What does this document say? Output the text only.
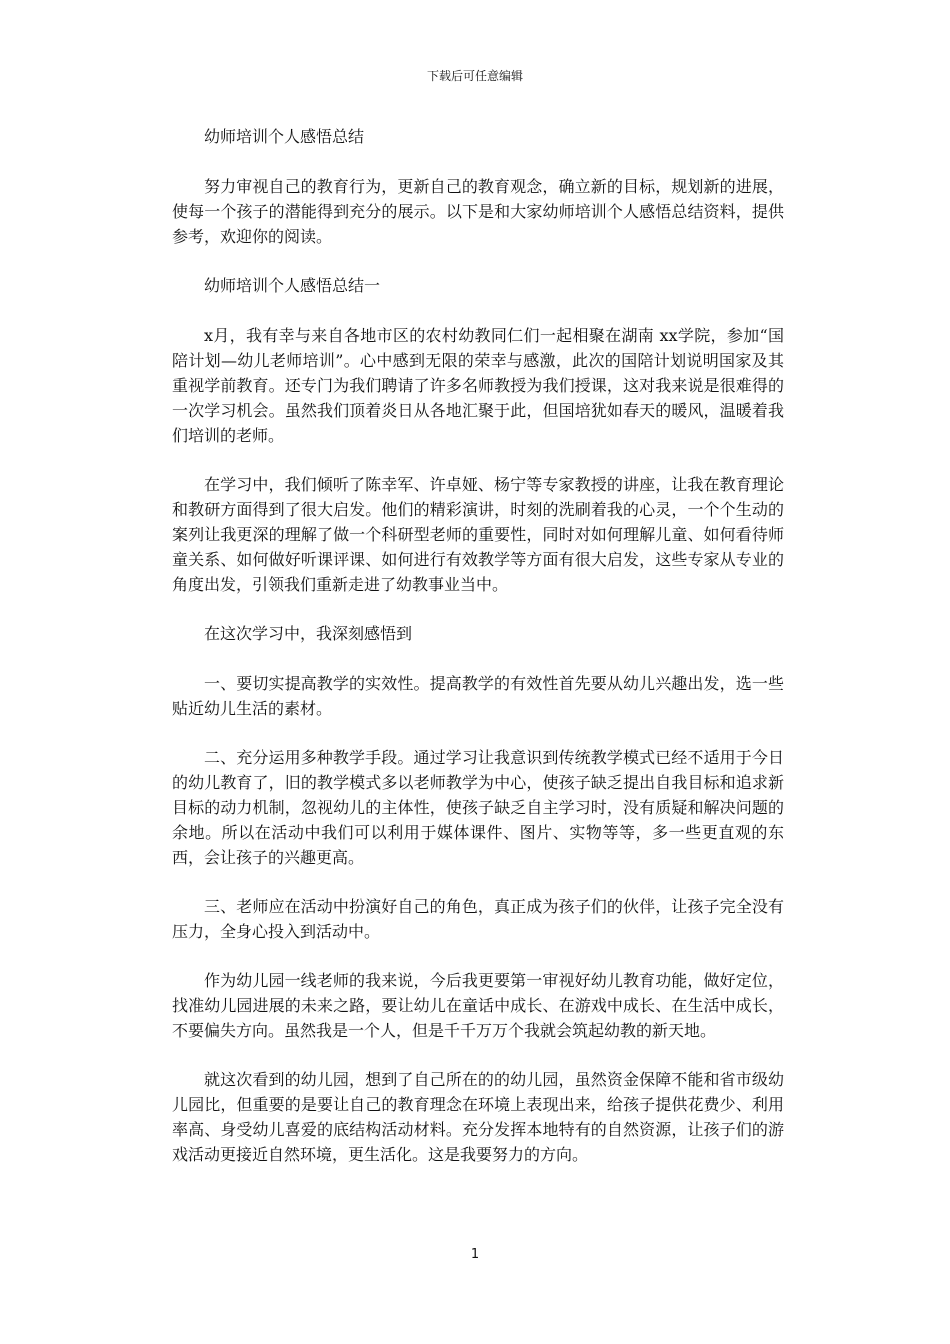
下载后可任意编辑

幼师培训个人感悟总结

努力审视自己的教育行为，更新自己的教育观念，确立新的目标，规划新的进展，使每一个孩子的潜能得到充分的展示。以下是和大家幼师培训个人感悟总结资料，提供参考，欢迎你的阅读。

幼师培训个人感悟总结一

x月，我有幸与来自各地市区的农村幼教同仁们一起相聚在湖南 xx学院，参加“国陪计划—幼儿老师培训”。心中感到无限的荣幸与感激，此次的国陪计划说明国家及其重视学前教育。还专门为我们聘请了许多名师教授为我们授课，这对我来说是很难得的一次学习机会。虽然我们顶着炎日从各地汇聚于此，但国培犹如春天的暖风，温暖着我们培训的老师。

在学习中，我们倾听了陈幸军、许卓娅、杨宁等专家教授的讲座，让我在教育理论和教研方面得到了很大启发。他们的精彩演讲，时刻的洗刷着我的心灵，一个个生动的案列让我更深的理解了做一个科研型老师的重要性，同时对如何理解儿童、如何看待师童关系、如何做好听课评课、如何进行有效教学等方面有很大启发，这些专家从专业的角度出发，引领我们重新走进了幼教事业当中。

在这次学习中，我深刻感悟到

一、要切实提高教学的实效性。提高教学的有效性首先要从幼儿兴趣出发，选一些贴近幼儿生活的素材。

二、充分运用多种教学手段。通过学习让我意识到传统教学模式已经不适用于今日的幼儿教育了，旧的教学模式多以老师教学为中心，使孩子缺乏提出自我目标和追求新目标的动力机制，忽视幼儿的主体性，使孩子缺乏自主学习时，没有质疑和解决问题的余地。所以在活动中我们可以利用于媒体课件、图片、实物等等，多一些更直观的东西，会让孩子的兴趣更高。

三、老师应在活动中扮演好自己的角色，真正成为孩子们的伙伴，让孩子完全没有压力，全身心投入到活动中。

作为幼儿园一线老师的我来说，今后我更要第一审视好幼儿教育功能，做好定位，找准幼儿园进展的未来之路，要让幼儿在童话中成长、在游戏中成长、在生活中成长，不要偏失方向。虽然我是一个人，但是千千万万个我就会筑起幼教的新天地。

就这次看到的幼儿园，想到了自己所在的的幼儿园，虽然资金保障不能和省市级幼儿园比，但重要的是要让自己的教育理念在环境上表现出来，给孩子提供花费少、利用率高、身受幼儿喜爱的底结构活动材料。充分发挥本地特有的自然资源，让孩子们的游戏活动更接近自然环境，更生活化。这是我要努力的方向。

1
